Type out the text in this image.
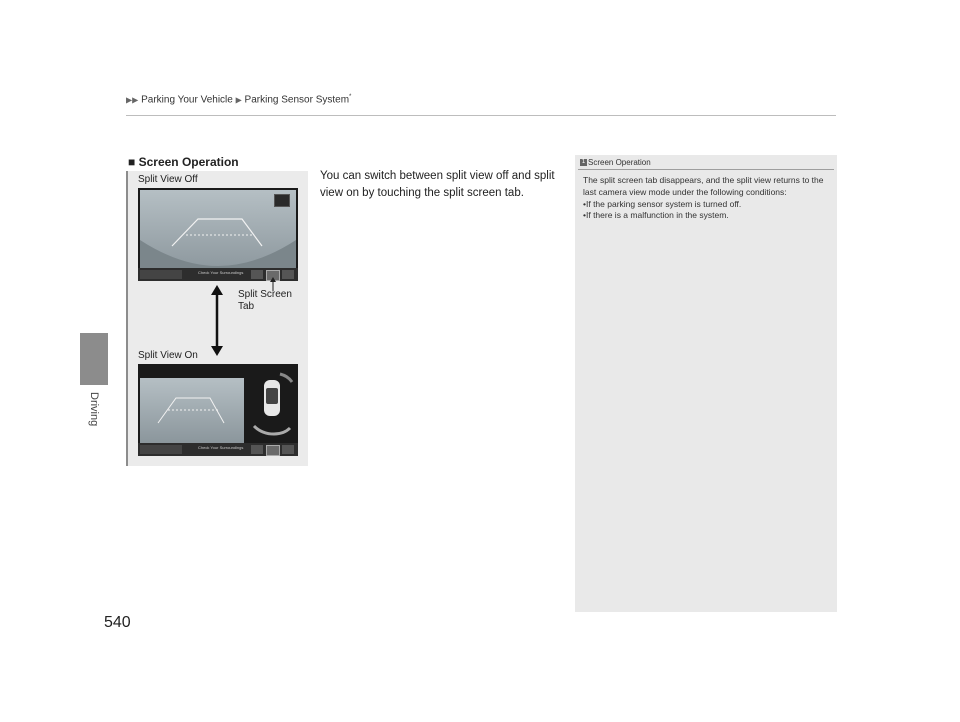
▶▶ Parking Your Vehicle ▶ Parking Sensor System*
Driving
540
■ Screen Operation
Split View Off
Check Your Surroundings
Split Screen
Tab
Split View On
Check Your Surroundings
You can switch between split view off and split view on by touching the split screen tab.
1 Screen Operation
The split screen tab disappears, and the split view returns to the last camera view mode under the following conditions:
•If the parking sensor system is turned off.
•If there is a malfunction in the system.
